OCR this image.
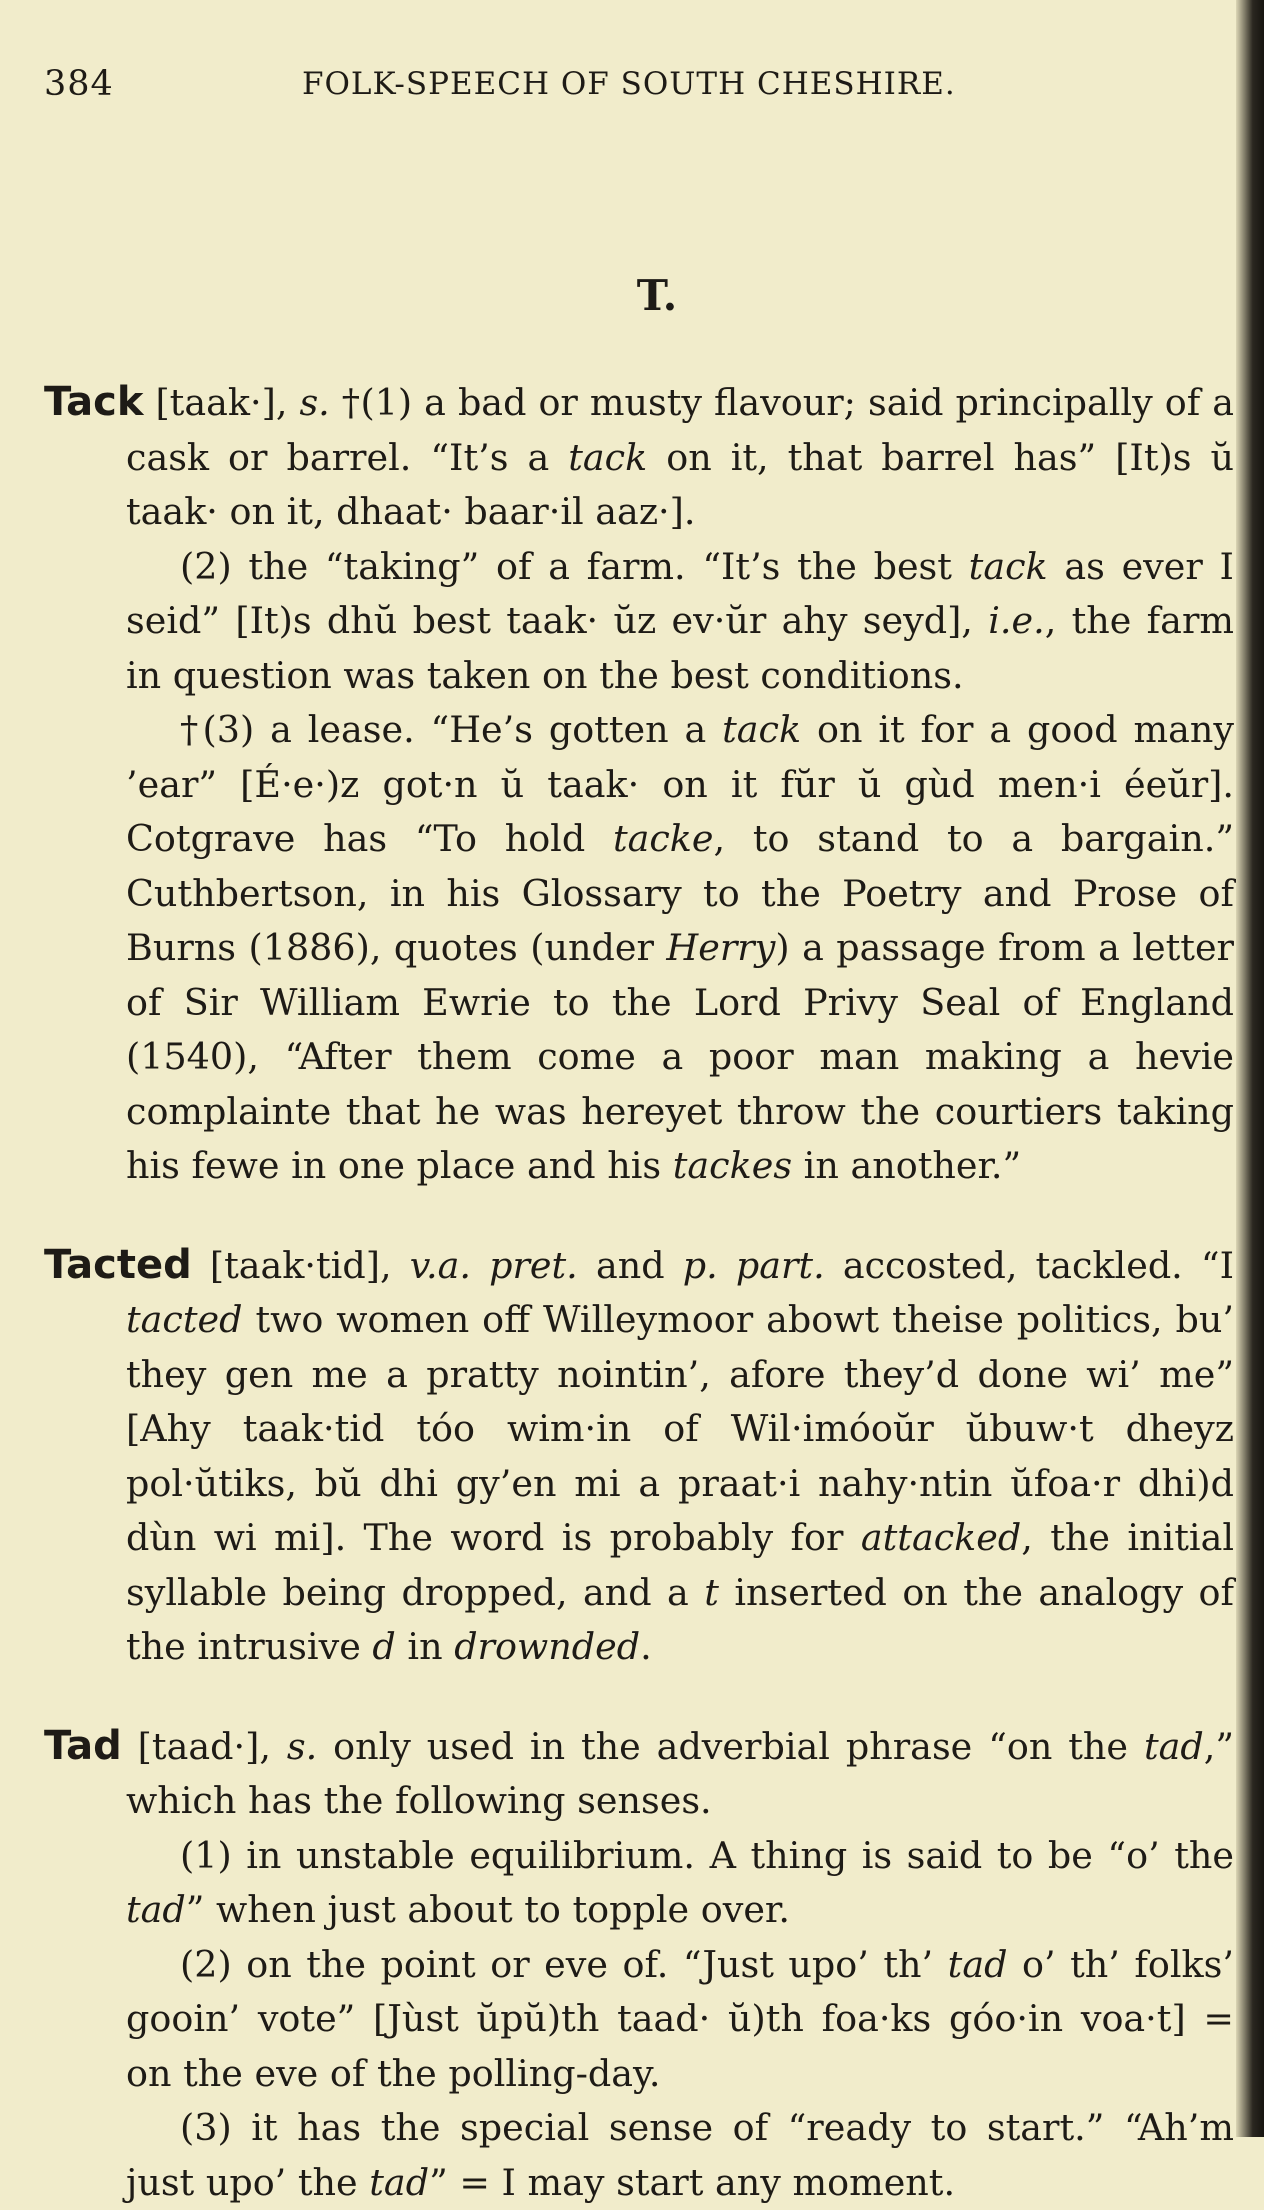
384	FOLK-SPEECH OF SOUTH CHESHIRE.
T.

Tack [taak·], s. †(1) a bad or musty flavour; said principally of a cask or barrel. “It’s a tack on it, that barrel has” [It)s ŭ taak· on it, dhaat· baar·il aaz·].

(2) the “taking” of a farm. “It’s the best tack as ever I seid” [It)s dhŭ best taak· ŭz ev·ŭr ahy seyd], i.e., the farm in question was taken on the best conditions.

†(3) a lease. “He’s gotten a tack on it for a good many ’ear” [É·e·)z got·n ŭ taak· on it fŭr ŭ gùd men·i éeŭr]. Cotgrave has “To hold tacke, to stand to a bargain.” Cuthbertson, in his Glossary to the Poetry and Prose of Burns (1886), quotes (under Herry) a passage from a letter of Sir William Ewrie to the Lord Privy Seal of England (1540), “After them come a poor man making a hevie complainte that he was hereyet throw the courtiers taking his fewe in one place and his tackes in another.”

Tacted [taak·tid], v.a. pret. and p. part. accosted, tackled. “I tacted two women off Willeymoor abowt theise politics, bu’ they gen me a pratty nointin’, afore they’d done wi’ me” [Ahy taak·tid tóo wim·in of Wil·imóoŭr ŭbuw·t dheyz pol·ŭtiks, bŭ dhi gy’en mi a praat·i nahy·ntin ŭfoa·r dhi)d dùn wi mi]. The word is probably for attacked, the initial syllable being dropped, and a t inserted on the analogy of the intrusive d in drownded.

Tad [taad·], s. only used in the adverbial phrase “on the tad,” which has the following senses.

(1) in unstable equilibrium. A thing is said to be “o’ the tad” when just about to topple over.

(2) on the point or eve of. “Just upo’ th’ tad o’ th’ folks’ gooin’ vote” [Jùst ŭpŭ)th taad· ŭ)th foa·ks góo·in voa·t] = on the eve of the polling-day.

(3) it has the special sense of “ready to start.” “Ah’m just upo’ the tad” = I may start any moment.
